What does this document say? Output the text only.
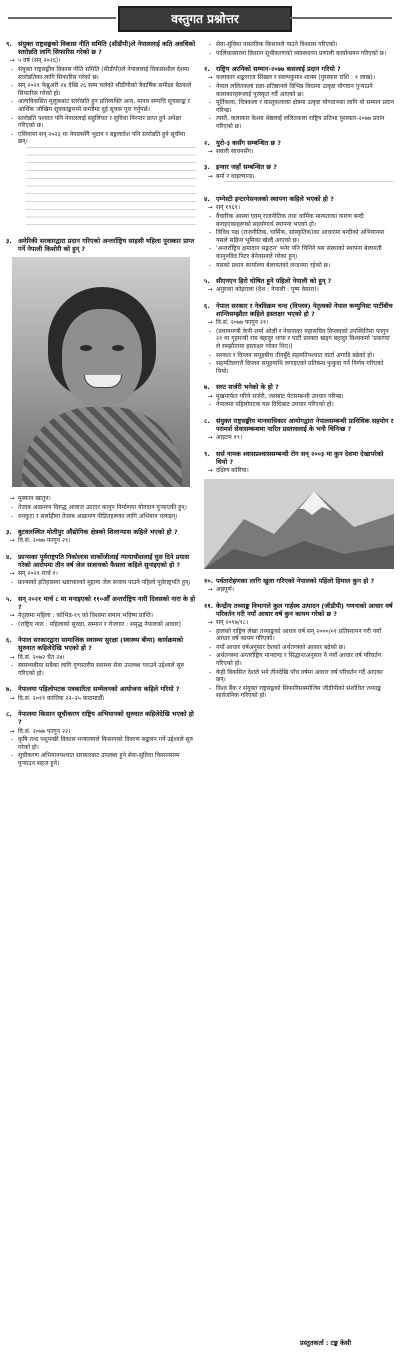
वस्तुगत प्रश्नोत्तर
९. संयुक्त राष्ट्रसङ्घको विकास नीति समिति (सीडीपी)ले नेपाललाई कति अवधिको स्तरोन्नति लागि सिफारिस गरेको छ ?
→ ५ वर्ष (सन् २०२६)।
- संयुक्त राष्ट्रसङ्घीय विकास नीति समिति (सीडीपी)ले नेपाललाई विकासशील देशमा स्तरोन्नतिका लागि सिफारिस गरेको छ।
- सन् २०२१ फेब्रुअरी २४ देखि २६ सम्म चलेको सीडीपीको त्रैवार्षिक समीक्षा बैठकले सिफारिस गरेको हो।
- अल्पविकसित मुलुकबाट स्तरोन्नति हुन प्रतिव्यक्ति आय, मानव सम्पत्ति सूचकाङ्क र आर्थिक जोखिम सूचकाङ्कमध्ये कम्तीमा दुई सूचक पूरा गर्नुपर्छ।
- स्तरोन्नति पश्चात पनि नेपाललाई सहुलियत र सुविधा निरन्तर प्राप्त हुने अपेक्षा गरिएको छ।
- एसियामा सन् २०२३ मा नेपालसँगै भुटान र बङ्गलादेश पनि स्तरोन्नति हुने सूचीमा छन्।
३. अमेरिकी सरकारद्वारा प्रदान गरिएको अन्तर्राष्ट्रिय साहसी महिला पुरस्कार प्राप्त गर्ने नेपाली किशोरी को हुन् ?
→ मुस्कान खातुन।
- तेजाब आक्रमण विरुद्ध आवाज उठाएर कानुन निर्माणमा योगदान पुऱ्याएकी हुन्।
- धनकुटा र सर्लाहीमा तेजाब आक्रमण पीडितहरूका लागि अभियान चलाइन्।
३. बुटवलस्थित मोतीपुर औद्योगिक क्षेत्रको शिलान्यास कहिले भएको हो ?
→ वि.सं. २०७७ फागुन २१।
४. फ्रान्सका पूर्वराष्ट्रपति निकोलास सार्कोजीलाई न्यायाधीशलाई घुस दिने प्रयास गरेको आरोपमा तीन वर्ष जेल सजायको फैसला कहिले सुनाइएको हो ?
→ सन् २०२१ मार्च १।
- फ्रान्सको इतिहासमा भ्रष्टाचारको मुद्दामा जेल सजाय पाउने पहिलो पूर्वराष्ट्रपति हुन्।
५. सन् २०२१ मार्च ८ मा मनाइएको ११०औँ अन्तर्राष्ट्रिय नारी दिवसको नारा के हो ?
→ नेतृत्वमा महिला : कोभिड-१९ को विश्वमा समान भविष्य प्राप्ति।
- (राष्ट्रिय नारा : महिलाको सुरक्षा, सम्मान र रोजगार : समृद्ध नेपालको आधार)
६. नेपाल सरकारद्वारा सामाजिक स्वास्थ्य सुरक्षा (स्वास्थ्य बीमा) कार्यक्रमको सुरुवात कहिलेदेखि भएको हो ?
→ वि.सं. २०७२ चैत २४।
- स्वास्थ्यबीमा सबैका लागि गुणस्तरीय स्वास्थ्य सेवा उपलब्ध गराउने उद्देश्यले सुरु गरिएको हो।
७. नेपालमा पहिलोपटक पत्रकारिता सम्मेलनको आयोजना कहिले गरियो ?
→ वि.सं. २०११ कात्तिक २२–२५ काठमाडौँ।
८. नेपालमा किसान सूचीकरण राष्ट्रिय अभियानको सुरुवात कहिलेदेखि भएको हो ?
→ वि.सं. २०७७ फागुन २२।
- कृषि तथा पशुपन्छी विकास मन्त्रालयले किसानको विवरण सङ्कलन गर्ने उद्देश्यले सुरु गरेको हो।
- सूचीकरण अभियानपश्चात सरकारबाट उपलब्ध हुने सेवा-सुविधा किसानसम्म पुऱ्याउन सहज हुने।
- सेवा-सुविधा वास्तविक किसानले पाउने विश्वास गरिएको।
- पालिकास्तरमा किसान सूचीकरणको व्यवस्थापन प्रणाली कार्यान्वयन गरिएको छ।
१. राष्ट्रिय अरनिको सम्मान-२०७७ कसलाई प्रदान गरियो ?
→ कलाकार शङ्करराज सिंखल र स्वल्पकुमार शाक्य (पुरस्कार राशि : १ लाख)।
- नेपाल ललितकला प्रज्ञा-प्रतिष्ठानले विभिन्न विधामा उत्कृष्ट योगदान पुऱ्याउने कलाकारहरूलाई पुरस्कृत गर्दै आएको छ।
- मूर्तिकला, चित्रकला र वास्तुकलाका क्षेत्रमा उत्कृष्ट योगदानका लागि यो सम्मान प्रदान गरिन्छ।
- त्यस्तै, कलाकार केशव श्रेष्ठलाई ललितकला राष्ट्रिय प्रतिभा पुरस्कार-२०७७ प्रदान गरिएको छ।
२. युरो-३ कसँग सम्बन्धित छ ?
→ सवारी साधनसँग।
३. इन्वार जहाँ सम्बन्धित छ ?
→ बर्मा र थाइल्यान्ड।
४. एम्नेस्टी इन्टरनेसनलको स्थापना कहिले भएको हो ?
→ सन् १९६१।
- वैचारिक आस्था एवम् राजनीतिक तथा धार्मिक मान्यताका कारण बन्दी बनाइएकाहरूको सहयोगार्थ स्थापना भएको हो।
- विविध पक्ष (राजनीतिक, धार्मिक, सांस्कृतिक)का आधारमा बन्दीको अभियानमा यसले सक्रिय भूमिका खेल्दै आएको छ।
- 'अन्तर्राष्ट्रिय क्षमादान सङ्गठन' भनेर पनि चिनिने यस संस्थाको स्थापना बेलायती कानुनविद पिटर बेनेनसनले गरेका हुन्।
- यसको प्रधान कार्यालय बेलायतको लन्डनमा रहेको छ।
५. सीएनएन हिरो घोषित हुने पहिलो नेपाली को हुन् ?
→ अनुराधा कोइराला (देश : नेपाली : पुष्प केसरा)।
६. नेपाल सरकार र नेत्रविक्रम चन्द (विप्लव) नेतृत्वको नेपाल कम्युनिस्ट पार्टीबीच शान्तिसम्झौता कहिले हस्ताक्षर भएको हो ?
→ वि.सं. २०७७ फागुन २१।
- (प्रधानमन्त्री केपी शर्मा ओली र नेकपाका महासचिव विप्लवको उपस्थितिमा फागुन २१ मा गृहमन्त्री राम बहादुर थापा र पार्टी प्रवक्ता खड्ग बहादुर विश्वकर्मा 'प्रकाण्ड' ले सम्झौतामा हस्ताक्षर गरेका थिए।)
- सरकार र विप्लव समूहबीच तीनबुँदे सहमतिपश्चात वार्ता अगाडि बढेको हो।
- सहमतिलगत्तै विप्लव समूहमाथि लगाइएको प्रतिबन्ध फुकुवा गर्ने निर्णय गरिएको थियो।
७. स्लट सर्जरी भनेको के हो ?
→ मुखमार्फत गरिने सर्जरी, जसबाट पेटसम्बन्धी उपचार गरिन्छ।
- नेपालमा पहिलोपटक यस विधिबाट उपचार गरिएको हो।
८. संयुक्त राष्ट्रसङ्घीय मानवाधिकार आयोगद्वारा नेपालसम्बन्धी प्राविधिक सहयोग र परामर्श सेवासम्बन्धमा पारित प्रस्तावलाई के भनी चिनिन्छ ?
→ आइटम १९।
९. सर्स नामक श्वासप्रश्वाससम्बन्धी रोग सन् २००३ मा कुन देशमा देखापरेको थियो ?
→ दक्षिण कोरिया।
१०. पर्वतारोहणका लागि खुला गरिएको नेपालको पहिलो हिमाल कुन हो ?
→ अन्नपूर्ण।
११. केन्द्रीय तथ्याङ्क विभागले कुल गार्हस्थ उत्पादन (जीडीपी) गणनाको आधार वर्ष परिवर्तन गरी नयाँ आधार वर्ष कुन कायम गरेको छ ?
→ सन् २०१७/१८।
- हालको राष्ट्रिय लेखा तथ्याङ्कको आधार वर्ष सन् २०००/०१ प्रतिस्थापन गरी नयाँ आधार वर्ष कायम गरिएको।
- नयाँ आधार वर्षअनुसार देशको अर्थतन्त्रको आकार बढेको छ।
- अर्थतन्त्रमा अन्तर्राष्ट्रिय मापदण्ड र सिद्धान्तअनुसार नै नयाँ आधार वर्ष परिवर्तन गरिएको हो।
- केही विकसित देशले भने तीनदेखि पाँच वर्षमा आधार वर्ष परिवर्तन गर्दै आएका छन्।
- विश्व बैंक र संयुक्त राष्ट्रसङ्घको सिफारिसबमोजिम जीडीपीको संशोधित तथ्याङ्क सार्वजनिक गरिएको हो।
प्रस्तुतकर्ता : टङ्क केसी
